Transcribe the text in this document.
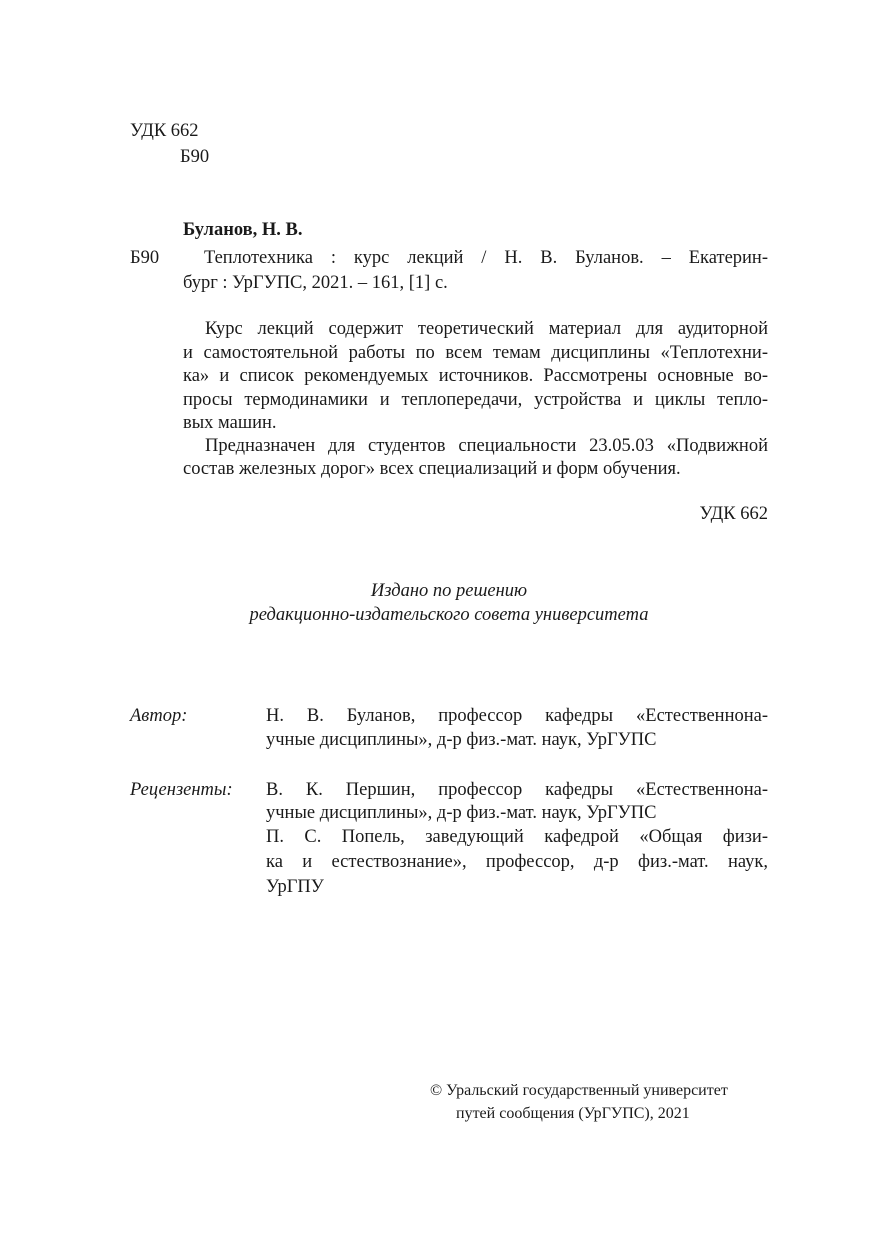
УДК 662
Б90
Буланов, Н. В.
Б90 Теплотехника : курс лекций / Н. В. Буланов. – Екатерин-
бург : УрГУПС, 2021. – 161, [1] с.
Курс лекций содержит теоретический материал для аудиторной
и самостоятельной работы по всем темам дисциплины «Теплотехни-
ка» и список рекомендуемых источников. Рассмотрены основные во-
просы термодинамики и теплопередачи, устройства и циклы тепло-
вых машин.
Предназначен для студентов специальности 23.05.03 «Подвижной
состав железных дорог» всех специализаций и форм обучения.
УДК 662
Издано по решению
редакционно-издательского совета университета
Автор:	Н. В. Буланов, профессор кафедры «Естественнона-
учные дисциплины», д-р физ.-мат. наук, УрГУПС
Рецензенты: В. К. Першин, профессор кафедры «Естественнона-
учные дисциплины», д-р физ.-мат. наук, УрГУПС
П. С. Попель, заведующий кафедрой «Общая физи-
ка и естествознание», профессор, д-р физ.-мат. наук,
УрГПУ
© Уральский государственный университет
путей сообщения (УрГУПС), 2021
